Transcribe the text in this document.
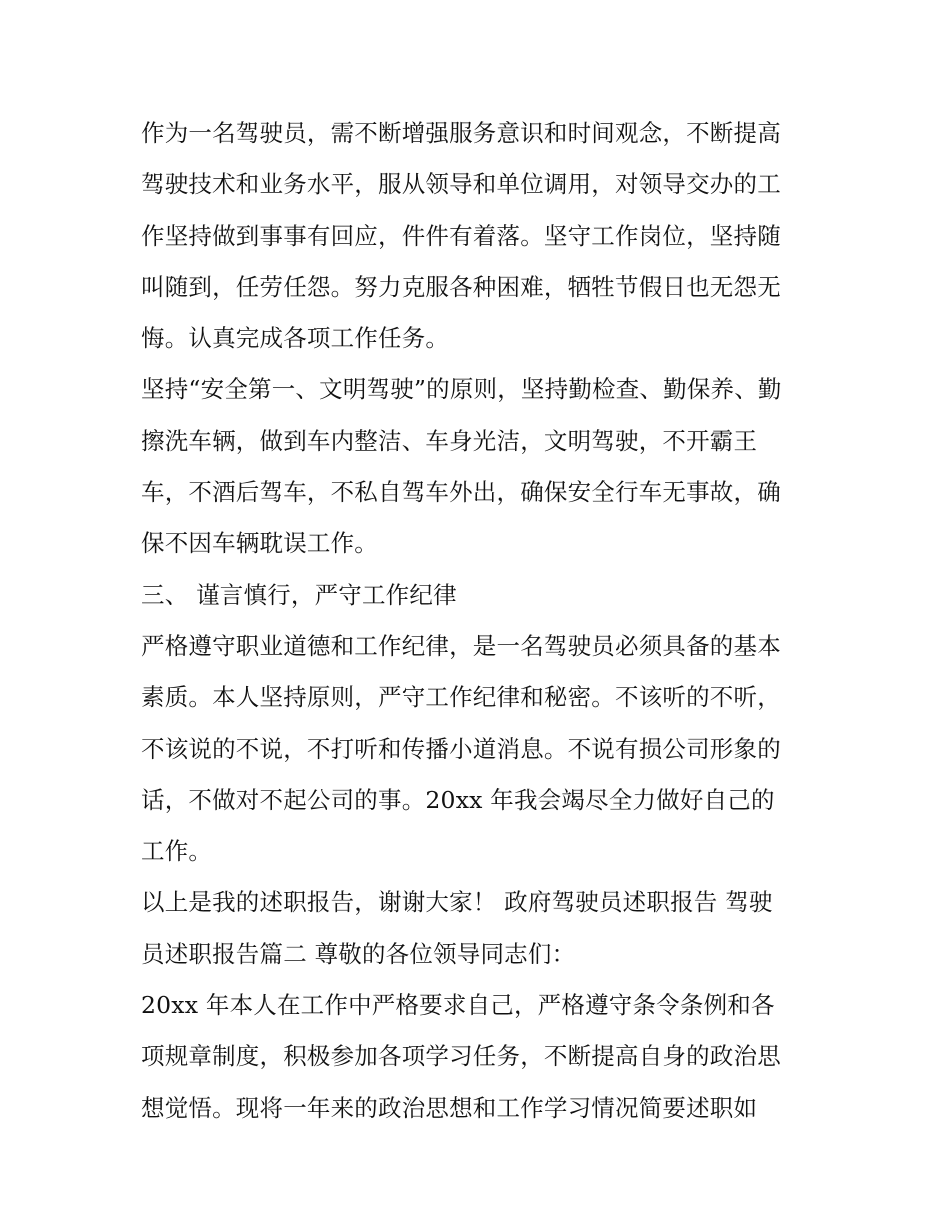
作为一名驾驶员，需不断增强服务意识和时间观念，不断提高
驾驶技术和业务水平，服从领导和单位调用，对领导交办的工
作坚持做到事事有回应，件件有着落。坚守工作岗位，坚持随
叫随到，任劳任怨。努力克服各种困难，牺牲节假日也无怨无
悔。认真完成各项工作任务。
坚持“安全第一、文明驾驶”的原则，坚持勤检查、勤保养、勤
擦洗车辆，做到车内整洁、车身光洁，文明驾驶，不开霸王
车，不酒后驾车，不私自驾车外出，确保安全行车无事故，确
保不因车辆耽误工作。
三、 谨言慎行，严守工作纪律
严格遵守职业道德和工作纪律，是一名驾驶员必须具备的基本
素质。本人坚持原则，严守工作纪律和秘密。不该听的不听，
不该说的不说，不打听和传播小道消息。不说有损公司形象的
话，不做对不起公司的事。20xx 年我会竭尽全力做好自己的
工作。
以上是我的述职报告，谢谢大家！ 政府驾驶员述职报告 驾驶
员述职报告篇二 尊敬的各位领导同志们：
20xx 年本人在工作中严格要求自己，严格遵守条令条例和各
项规章制度，积极参加各项学习任务，不断提高自身的政治思
想觉悟。现将一年来的政治思想和工作学习情况简要述职如
